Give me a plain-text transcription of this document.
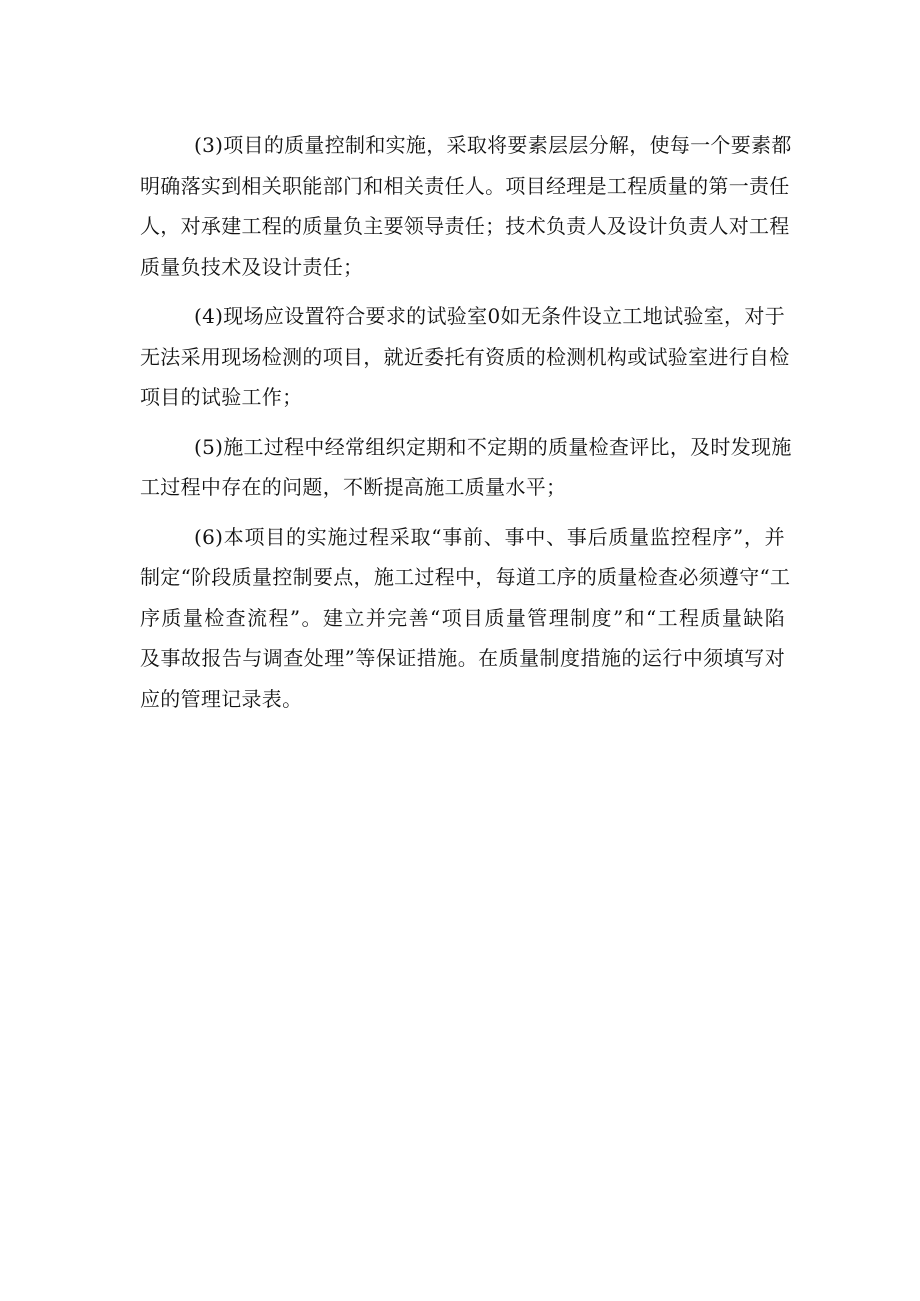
(3)项目的质量控制和实施，采取将要素层层分解，使每一个要素都
明确落实到相关职能部门和相关责任人。项目经理是工程质量的第一责任
人，对承建工程的质量负主要领导责任；技术负责人及设计负责人对工程
质量负技术及设计责任；
(4)现场应设置符合要求的试验室0如无条件设立工地试验室，对于
无法采用现场检测的项目，就近委托有资质的检测机构或试验室进行自检
项目的试验工作；
(5)施工过程中经常组织定期和不定期的质量检查评比，及时发现施
工过程中存在的问题，不断提高施工质量水平；
(6)本项目的实施过程采取“事前、事中、事后质量监控程序”，并
制定“阶段质量控制要点，施工过程中，每道工序的质量检查必须遵守“工
序质量检查流程”。建立并完善“项目质量管理制度”和“工程质量缺陷
及事故报告与调查处理”等保证措施。在质量制度措施的运行中须填写对
应的管理记录表。
